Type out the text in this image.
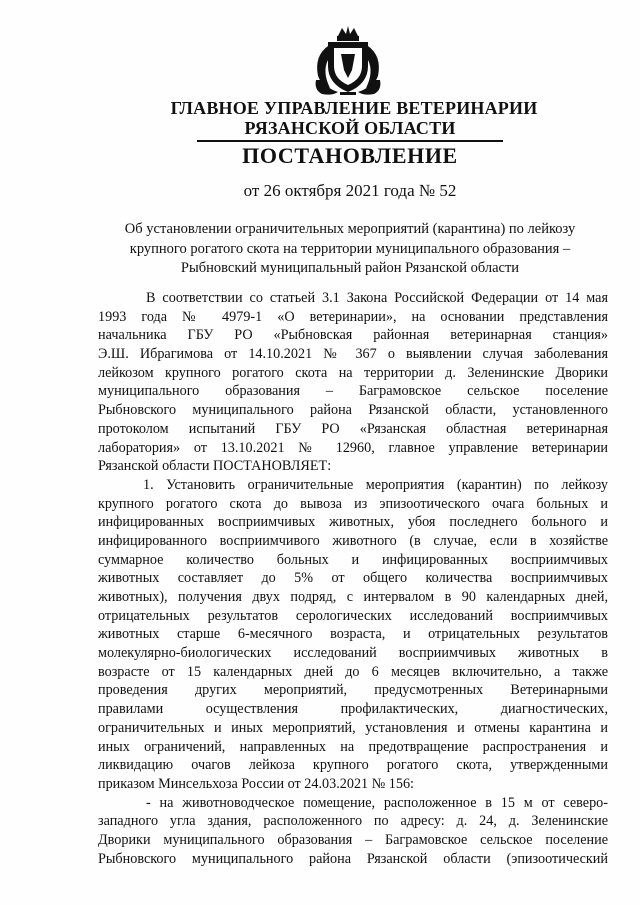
ГЛАВНОЕ УПРАВЛЕНИЕ ВЕТЕРИНАРИИ
РЯЗАНСКОЙ ОБЛАСТИ
ПОСТАНОВЛЕНИЕ
от 26 октября 2021 года № 52
Об установлении ограничительных мероприятий (карантина) по лейкозу
крупного рогатого скота на территории муниципального образования –
Рыбновский муниципальный район Рязанской области
В соответствии со статьей 3.1 Закона Российской Федерации от 14 мая
1993 года № 4979-1 «О ветеринарии», на основании представления
начальника ГБУ РО «Рыбновская районная ветеринарная станция»
Э.Ш. Ибрагимова от 14.10.2021 № 367 о выявлении случая заболевания
лейкозом крупного рогатого скота на территории д. Зеленинские Дворики
муниципального образования – Баграмовское сельское поселение
Рыбновского муниципального района Рязанской области, установленного
протоколом испытаний ГБУ РО «Рязанская областная ветеринарная
лаборатория» от 13.10.2021 № 12960, главное управление ветеринарии
Рязанской области ПОСТАНОВЛЯЕТ:
1. Установить ограничительные мероприятия (карантин) по лейкозу
крупного рогатого скота до вывоза из эпизоотического очага больных и
инфицированных восприимчивых животных, убоя последнего больного и
инфицированного восприимчивого животного (в случае, если в хозяйстве
суммарное количество больных и инфицированных восприимчивых
животных составляет до 5% от общего количества восприимчивых
животных), получения двух подряд, с интервалом в 90 календарных дней,
отрицательных результатов серологических исследований восприимчивых
животных старше 6-месячного возраста, и отрицательных результатов
молекулярно-биологических исследований восприимчивых животных в
возрасте от 15 календарных дней до 6 месяцев включительно, а также
проведения других мероприятий, предусмотренных Ветеринарными
правилами осуществления профилактических, диагностических,
ограничительных и иных мероприятий, установления и отмены карантина и
иных ограничений, направленных на предотвращение распространения и
ликвидацию очагов лейкоза крупного рогатого скота, утвержденными
приказом Минсельхоза России от 24.03.2021 № 156:
- на животноводческое помещение, расположенное в 15 м от северо-
западного угла здания, расположенного по адресу: д. 24, д. Зеленинские
Дворики муниципального образования – Баграмовское сельское поселение
Рыбновского муниципального района Рязанской области (эпизоотический
